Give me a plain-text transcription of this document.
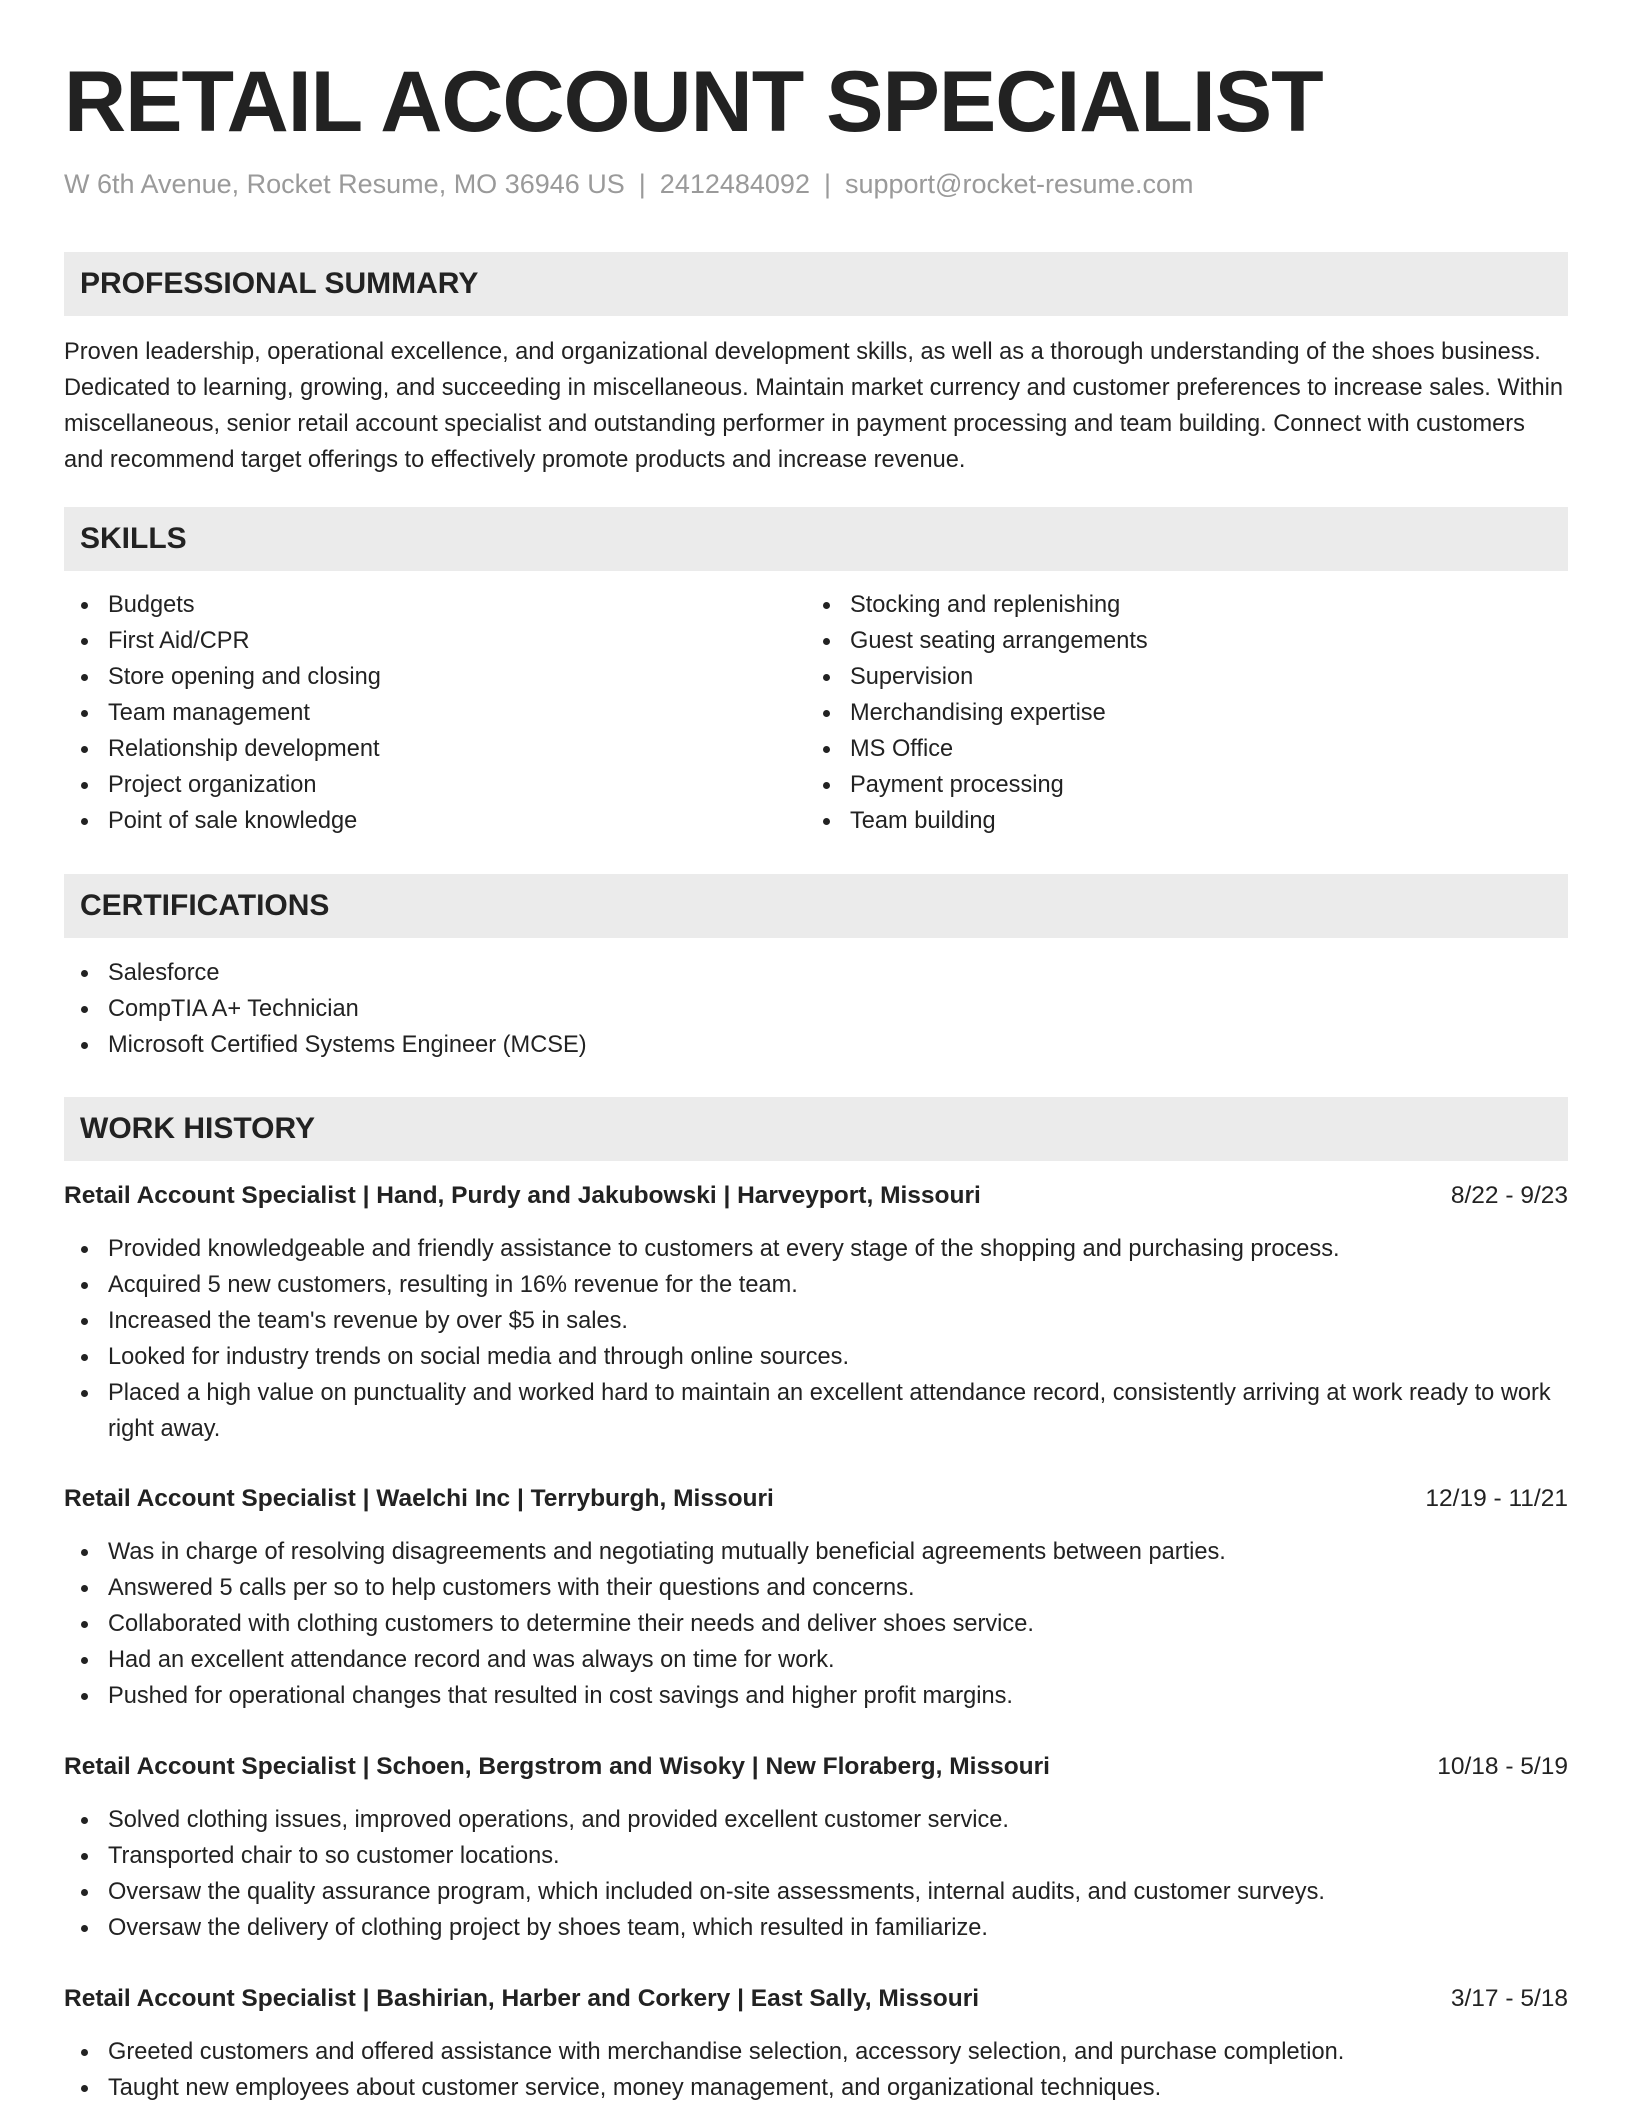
RETAIL ACCOUNT SPECIALIST
W 6th Avenue, Rocket Resume, MO 36946 US | 2412484092 | support@rocket-resume.com
PROFESSIONAL SUMMARY

Proven leadership, operational excellence, and organizational development skills, as well as a thorough understanding of the shoes business. Dedicated to learning, growing, and succeeding in miscellaneous. Maintain market currency and customer preferences to increase sales. Within miscellaneous, senior retail account specialist and outstanding performer in payment processing and team building. Connect with customers and recommend target offerings to effectively promote products and increase revenue.

SKILLS
Budgets
First Aid/CPR
Store opening and closing
Team management
Relationship development
Project organization
Point of sale knowledge
Stocking and replenishing
Guest seating arrangements
Supervision
Merchandising expertise
MS Office
Payment processing
Team building
CERTIFICATIONS
Salesforce
CompTIA A+ Technician
Microsoft Certified Systems Engineer (MCSE)
WORK HISTORY
Retail Account Specialist | Hand, Purdy and Jakubowski | Harveyport, Missouri	8/22 - 9/23
Provided knowledgeable and friendly assistance to customers at every stage of the shopping and purchasing process.
Acquired 5 new customers, resulting in 16% revenue for the team.
Increased the team's revenue by over $5 in sales.
Looked for industry trends on social media and through online sources.
Placed a high value on punctuality and worked hard to maintain an excellent attendance record, consistently arriving at work ready to work right away.
Retail Account Specialist | Waelchi Inc | Terryburgh, Missouri	12/19 - 11/21
Was in charge of resolving disagreements and negotiating mutually beneficial agreements between parties.
Answered 5 calls per so to help customers with their questions and concerns.
Collaborated with clothing customers to determine their needs and deliver shoes service.
Had an excellent attendance record and was always on time for work.
Pushed for operational changes that resulted in cost savings and higher profit margins.
Retail Account Specialist | Schoen, Bergstrom and Wisoky | New Floraberg, Missouri	10/18 - 5/19
Solved clothing issues, improved operations, and provided excellent customer service.
Transported chair to so customer locations.
Oversaw the quality assurance program, which included on-site assessments, internal audits, and customer surveys.
Oversaw the delivery of clothing project by shoes team, which resulted in familiarize.
Retail Account Specialist | Bashirian, Harber and Corkery | East Sally, Missouri	3/17 - 5/18
Greeted customers and offered assistance with merchandise selection, accessory selection, and purchase completion.
Taught new employees about customer service, money management, and organizational techniques.
